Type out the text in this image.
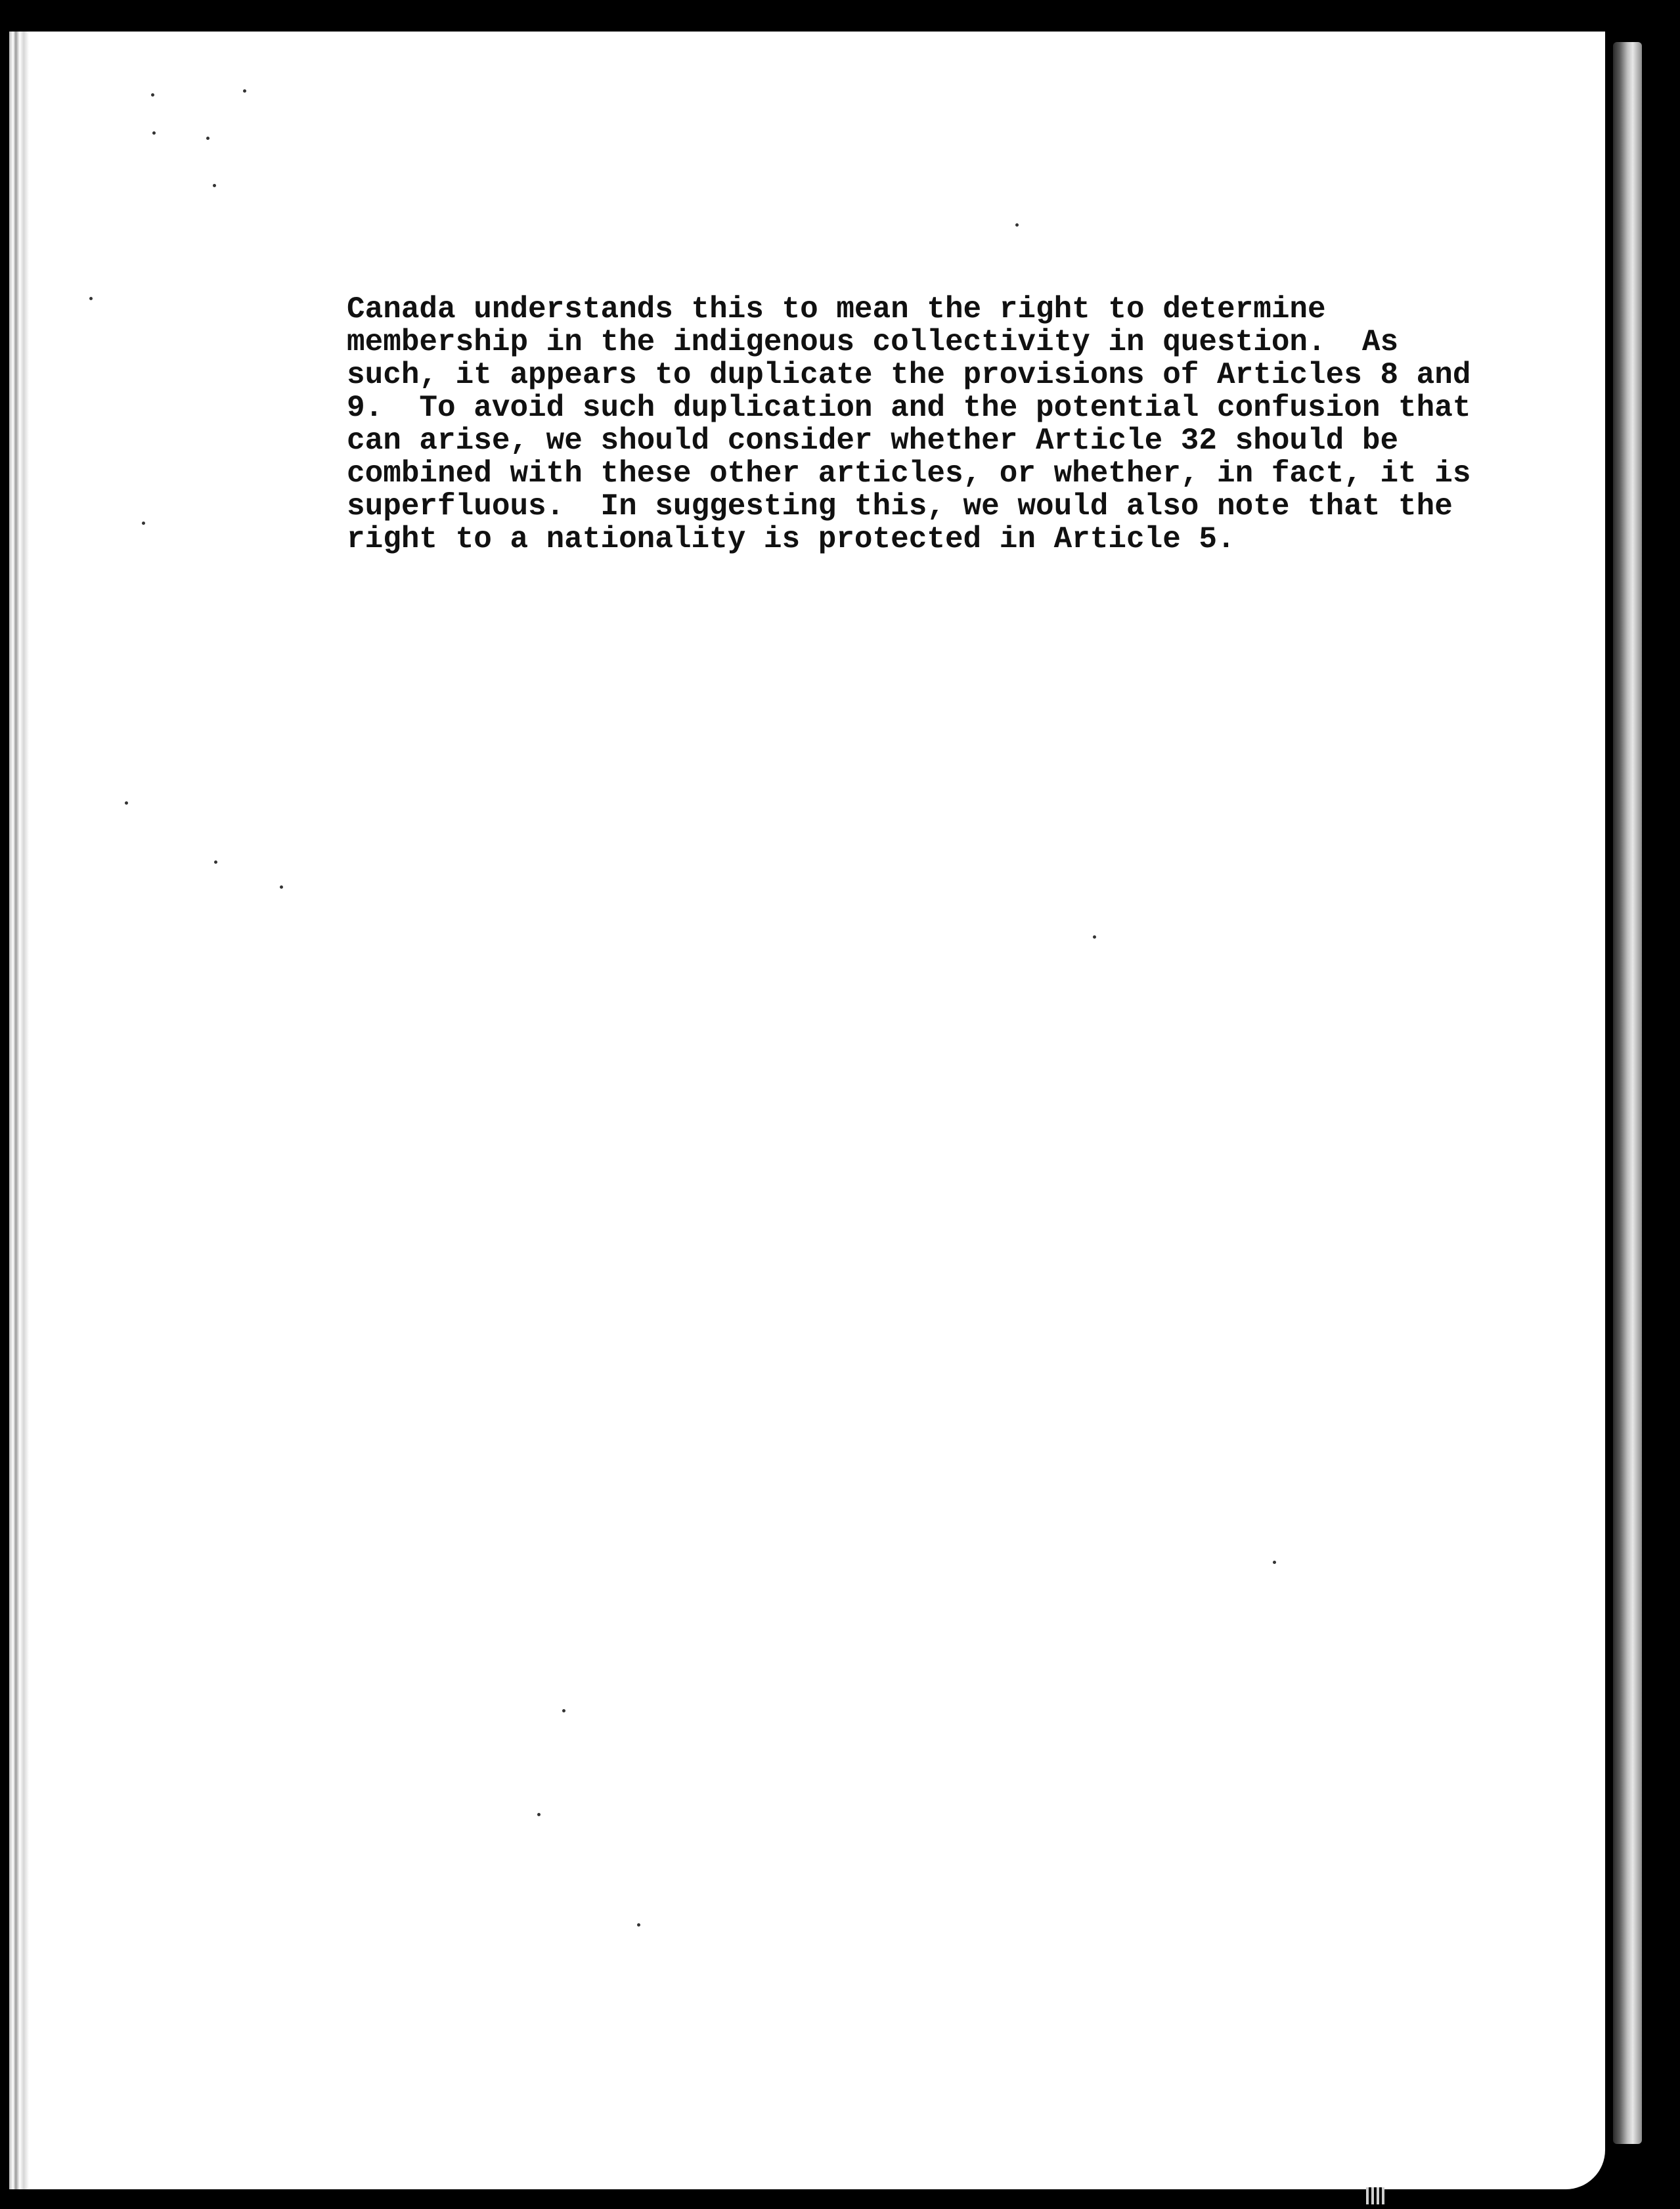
Canada understands this to mean the right to determine
membership in the indigenous collectivity in question.  As
such, it appears to duplicate the provisions of Articles 8 and
9.  To avoid such duplication and the potential confusion that
can arise, we should consider whether Article 32 should be
combined with these other articles, or whether, in fact, it is
superfluous.  In suggesting this, we would also note that the
right to a nationality is protected in Article 5.
